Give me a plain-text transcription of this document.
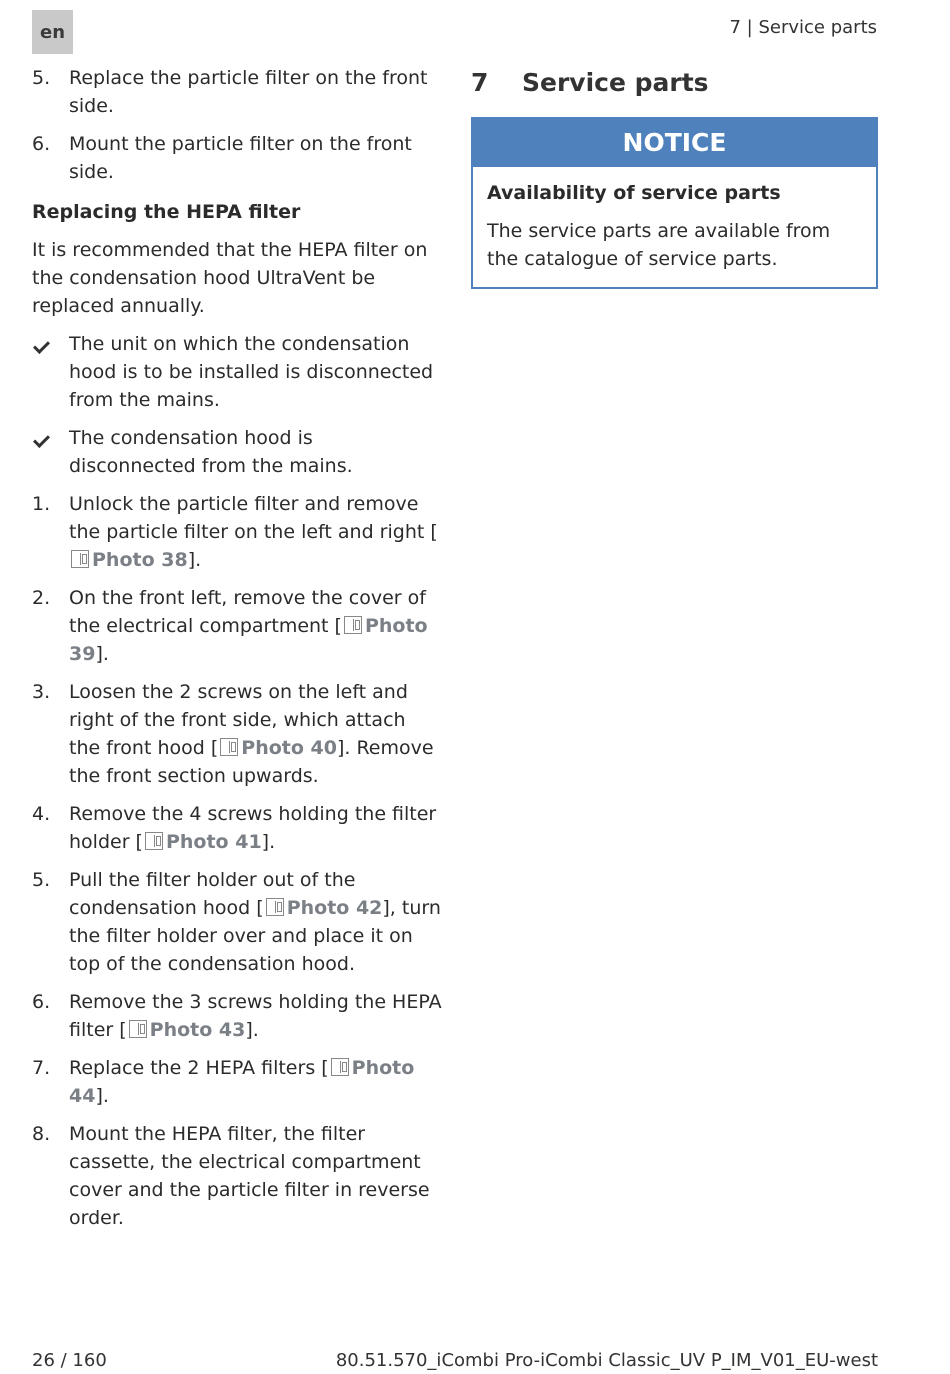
en	7 | Service parts
5. Replace the particle filter on the front side.
6. Mount the particle filter on the front side.
Replacing the HEPA filter
It is recommended that the HEPA filter on the condensation hood UltraVent be replaced annually.
The unit on which the condensation hood is to be installed is disconnected from the mains.
The condensation hood is disconnected from the mains.
1. Unlock the particle filter and remove the particle filter on the left and right [Photo 38].
2. On the front left, remove the cover of the electrical compartment [ Photo 39].
3. Loosen the 2 screws on the left and right of the front side, which attach the front hood [ Photo 40]. Remove the front section upwards.
4. Remove the 4 screws holding the filter holder [ Photo 41].
5. Pull the filter holder out of the condensation hood [ Photo 42], turn the filter holder over and place it on top of the condensation hood.
6. Remove the 3 screws holding the HEPA filter [ Photo 43].
7. Replace the 2 HEPA filters [ Photo 44].
8. Mount the HEPA filter, the filter cassette, the electrical compartment cover and the particle filter in reverse order.
7	Service parts
NOTICE
Availability of service parts
The service parts are available from the catalogue of service parts.
26 / 160	80.51.570_iCombi Pro-iCombi Classic_UV P_IM_V01_EU-west
